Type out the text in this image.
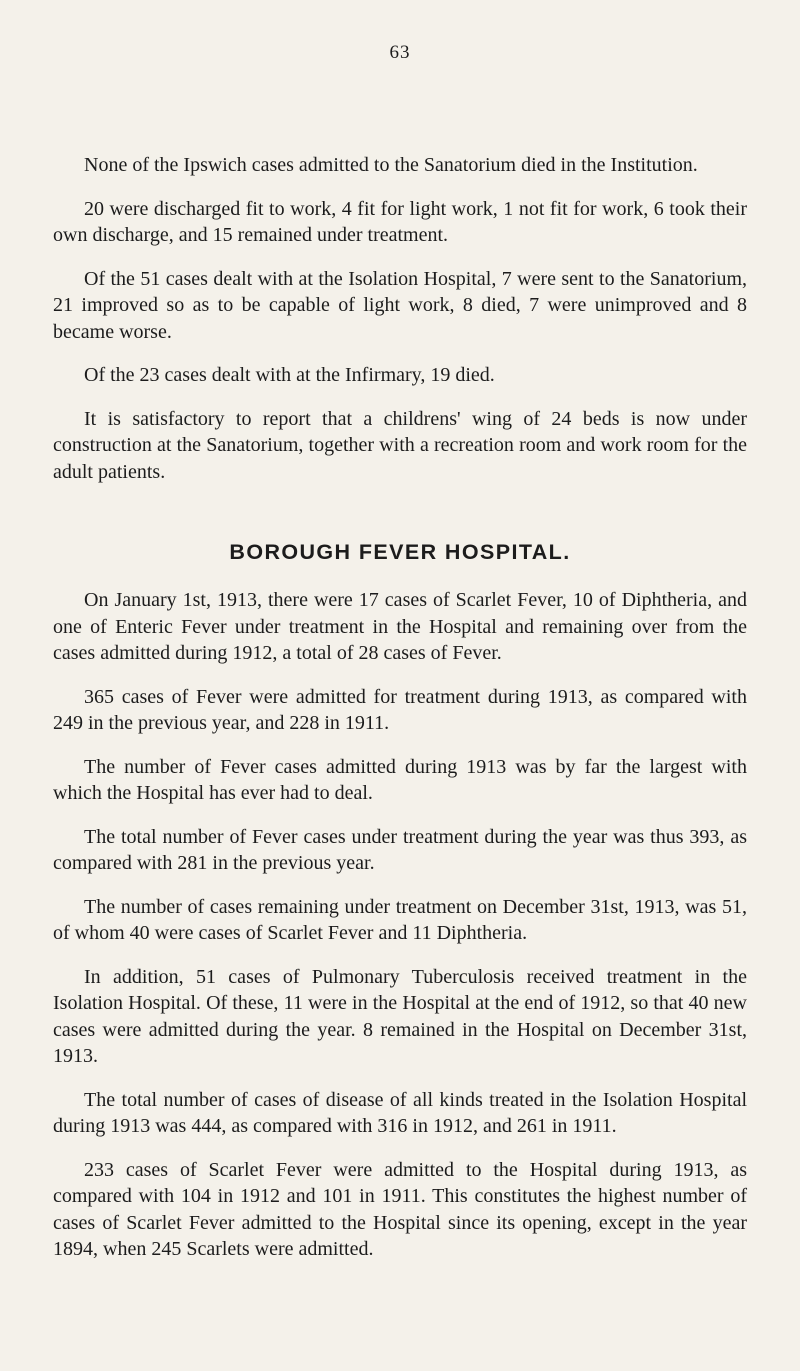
63

None of the Ipswich cases admitted to the Sanatorium died in the Institution.

20 were discharged fit to work, 4 fit for light work, 1 not fit for work, 6 took their own discharge, and 15 remained under treatment.

Of the 51 cases dealt with at the Isolation Hospital, 7 were sent to the Sanatorium, 21 improved so as to be capable of light work, 8 died, 7 were unimproved and 8 became worse.

Of the 23 cases dealt with at the Infirmary, 19 died.

It is satisfactory to report that a childrens' wing of 24 beds is now under construction at the Sanatorium, together with a recreation room and work room for the adult patients.

BOROUGH FEVER HOSPITAL.

On January 1st, 1913, there were 17 cases of Scarlet Fever, 10 of Diphtheria, and one of Enteric Fever under treatment in the Hospital and remaining over from the cases admitted during 1912, a total of 28 cases of Fever.

365 cases of Fever were admitted for treatment during 1913, as compared with 249 in the previous year, and 228 in 1911.

The number of Fever cases admitted during 1913 was by far the largest with which the Hospital has ever had to deal.

The total number of Fever cases under treatment during the year was thus 393, as compared with 281 in the previous year.

The number of cases remaining under treatment on December 31st, 1913, was 51, of whom 40 were cases of Scarlet Fever and 11 Diphtheria.

In addition, 51 cases of Pulmonary Tuberculosis received treatment in the Isolation Hospital. Of these, 11 were in the Hospital at the end of 1912, so that 40 new cases were admitted during the year. 8 remained in the Hospital on December 31st, 1913.

The total number of cases of disease of all kinds treated in the Isolation Hospital during 1913 was 444, as compared with 316 in 1912, and 261 in 1911.

233 cases of Scarlet Fever were admitted to the Hospital during 1913, as compared with 104 in 1912 and 101 in 1911. This constitutes the highest number of cases of Scarlet Fever admitted to the Hospital since its opening, except in the year 1894, when 245 Scarlets were admitted.
